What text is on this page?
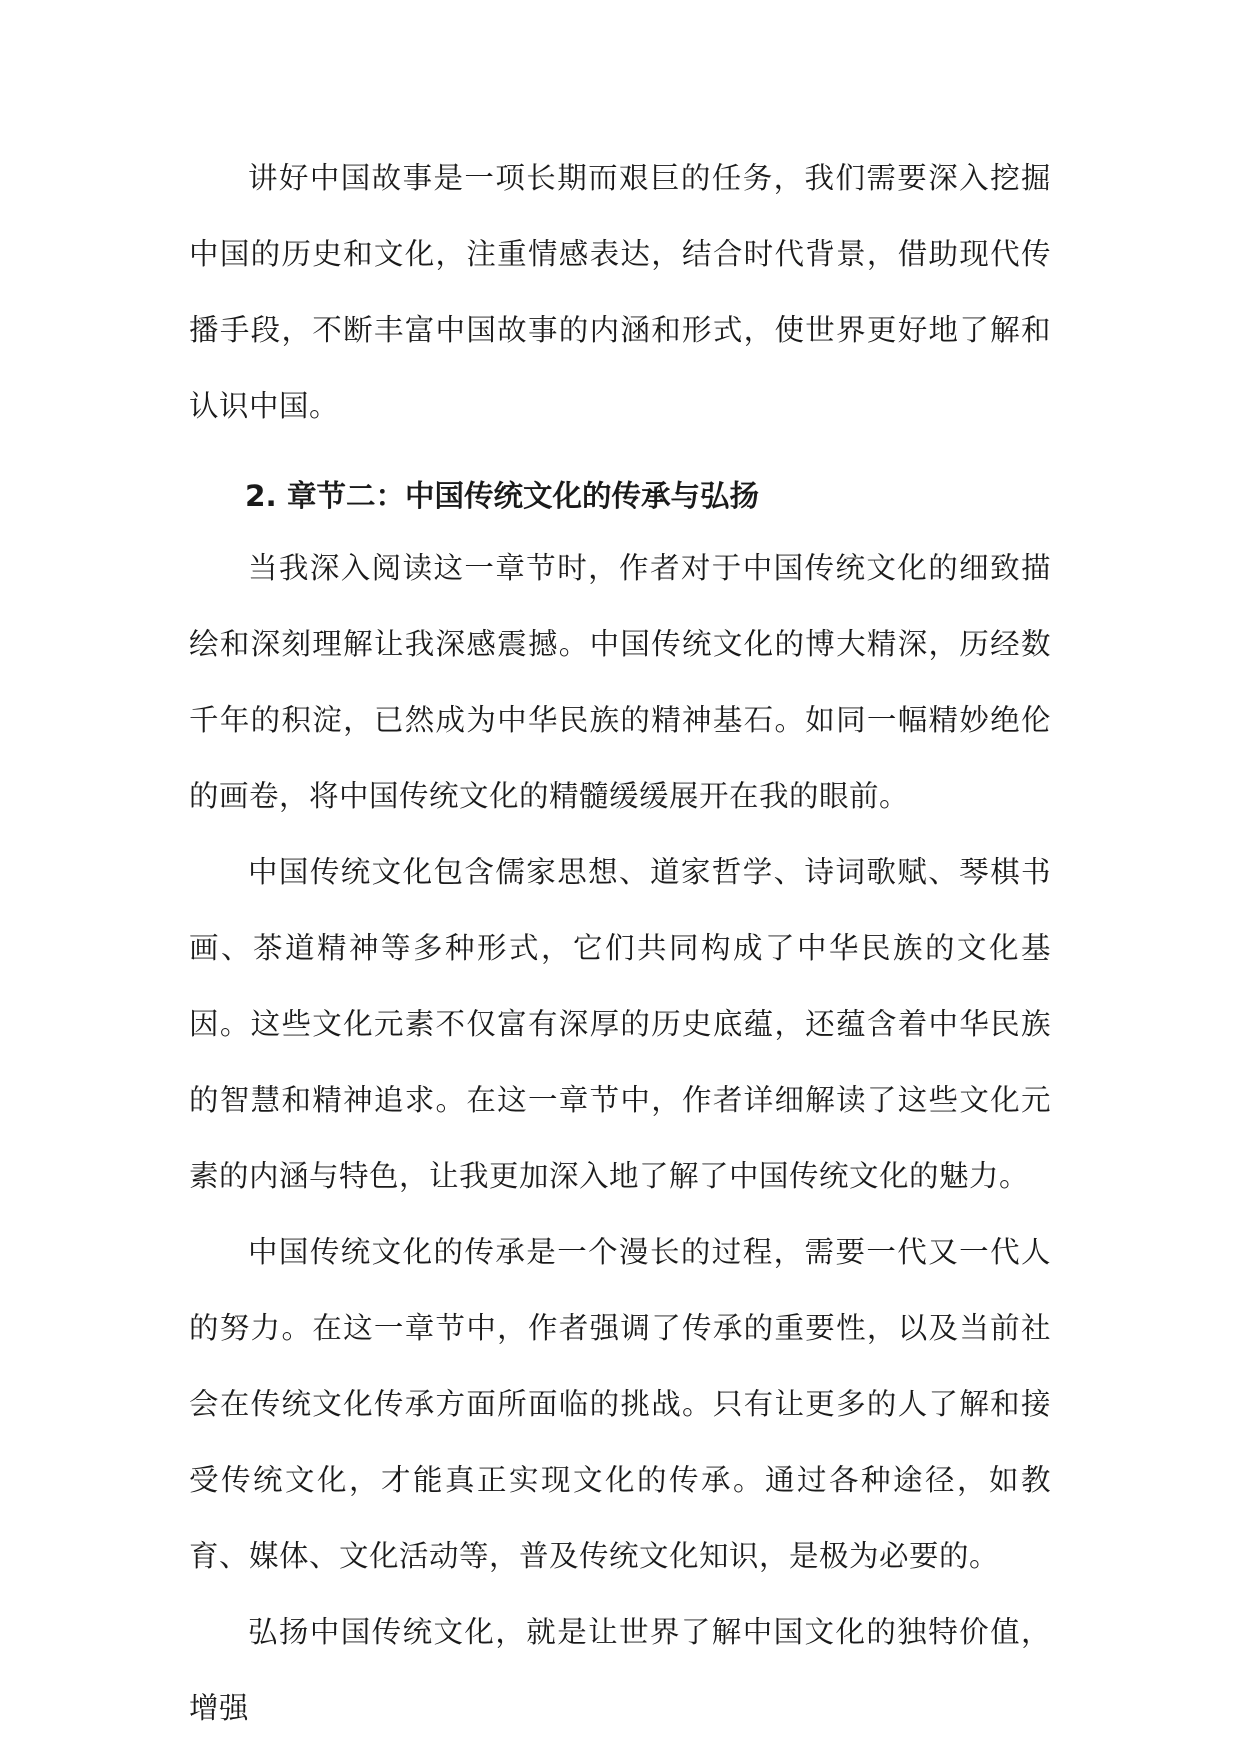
讲好中国故事是一项长期而艰巨的任务，我们需要深入挖掘中国的历史和文化，注重情感表达，结合时代背景，借助现代传播手段，不断丰富中国故事的内涵和形式，使世界更好地了解和认识中国。

2. 章节二：中国传统文化的传承与弘扬

当我深入阅读这一章节时，作者对于中国传统文化的细致描绘和深刻理解让我深感震撼。中国传统文化的博大精深，历经数千年的积淀，已然成为中华民族的精神基石。如同一幅精妙绝伦的画卷，将中国传统文化的精髓缓缓展开在我的眼前。

中国传统文化包含儒家思想、道家哲学、诗词歌赋、琴棋书画、茶道精神等多种形式，它们共同构成了中华民族的文化基因。这些文化元素不仅富有深厚的历史底蕴，还蕴含着中华民族的智慧和精神追求。在这一章节中，作者详细解读了这些文化元素的内涵与特色，让我更加深入地了解了中国传统文化的魅力。

中国传统文化的传承是一个漫长的过程，需要一代又一代人的努力。在这一章节中，作者强调了传承的重要性，以及当前社会在传统文化传承方面所面临的挑战。只有让更多的人了解和接受传统文化，才能真正实现文化的传承。通过各种途径，如教育、媒体、文化活动等，普及传统文化知识，是极为必要的。

弘扬中国传统文化，就是让世界了解中国文化的独特价值，增强
